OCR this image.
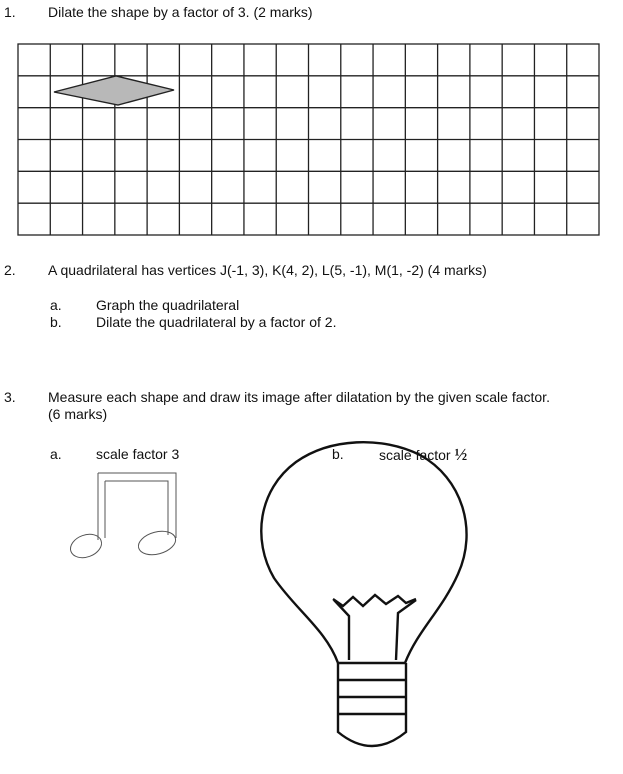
1. Dilate the shape by a factor of 3. (2 marks)
2. A quadrilateral has vertices J(-1, 3), K(4, 2), L(5, -1), M(1, -2) (4 marks)
a. Graph the quadrilateral
b. Dilate the quadrilateral by a factor of 2.
3. Measure each shape and draw its image after dilatation by the given scale factor.
(6 marks)
a. scale factor 3	b.	scale factor ½
